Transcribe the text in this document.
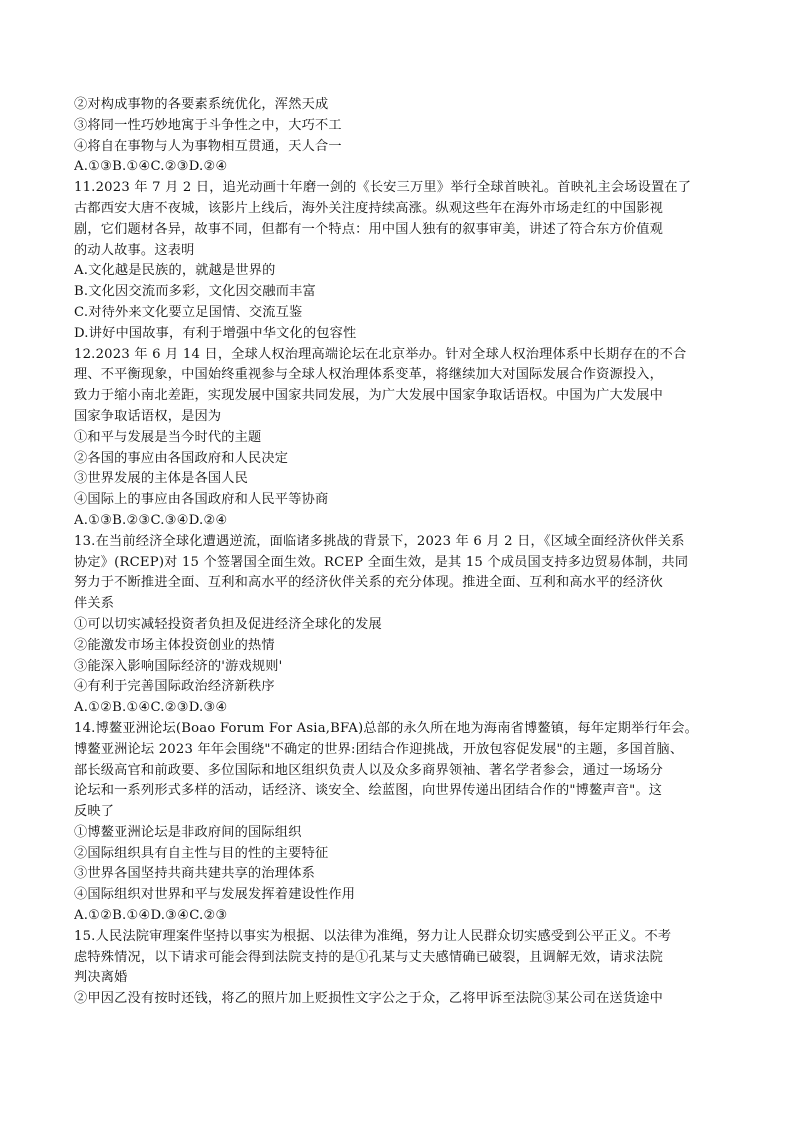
②对构成事物的各要素系统优化，浑然天成
③将同一性巧妙地寓于斗争性之中，大巧不工
④将自在事物与人为事物相互贯通，天人合一
A.①③B.①④C.②③D.②④
11.2023 年 7 月 2 日，追光动画十年磨一剑的《长安三万里》举行全球首映礼。首映礼主会场设置在了
古都西安大唐不夜城，该影片上线后，海外关注度持续高涨。纵观这些年在海外市场走红的中国影视
剧，它们题材各异，故事不同，但都有一个特点：用中国人独有的叙事审美，讲述了符合东方价值观
的动人故事。这表明
A.文化越是民族的，就越是世界的
B.文化因交流而多彩，文化因交融而丰富
C.对待外来文化要立足国情、交流互鉴
D.讲好中国故事，有利于增强中华文化的包容性
12.2023 年 6 月 14 日，全球人权治理高端论坛在北京举办。针对全球人权治理体系中长期存在的不合
理、不平衡现象，中国始终重视参与全球人权治理体系变革，将继续加大对国际发展合作资源投入，
致力于缩小南北差距，实现发展中国家共同发展，为广大发展中国家争取话语权。中国为广大发展中
国家争取话语权，是因为
①和平与发展是当今时代的主题
②各国的事应由各国政府和人民决定
③世界发展的主体是各国人民
④国际上的事应由各国政府和人民平等协商
A.①③B.②③C.③④D.②④
13.在当前经济全球化遭遇逆流，面临诸多挑战的背景下，2023 年 6 月 2 日，《区域全面经济伙伴关系
协定》(RCEP)对 15 个签署国全面生效。RCEP 全面生效，是其 15 个成员国支持多边贸易体制，共同
努力于不断推进全面、互利和高水平的经济伙伴关系的充分体现。推进全面、互利和高水平的经济伙
伴关系
①可以切实减轻投资者负担及促进经济全球化的发展
②能激发市场主体投资创业的热情
③能深入影响国际经济的'游戏规则'
④有利于完善国际政治经济新秩序
A.①②B.①④C.②③D.③④
14.博鳌亚洲论坛(Boao Forum For Asia,BFA)总部的永久所在地为海南省博鳌镇，每年定期举行年会。
博鳌亚洲论坛 2023 年年会围绕"不确定的世界:团结合作迎挑战，开放包容促发展"的主题，多国首脑、
部长级高官和前政要、多位国际和地区组织负责人以及众多商界领袖、著名学者参会，通过一场场分
论坛和一系列形式多样的活动，话经济、谈安全、绘蓝图，向世界传递出团结合作的"博鳌声音"。这
反映了
①博鳌亚洲论坛是非政府间的国际组织
②国际组织具有自主性与目的性的主要特征
③世界各国坚持共商共建共享的治理体系
④国际组织对世界和平与发展发挥着建设性作用
A.①②B.①④D.③④C.②③
15.人民法院审理案件坚持以事实为根据、以法律为准绳，努力让人民群众切实感受到公平正义。不考
虑特殊情况，以下请求可能会得到法院支持的是①孔某与丈夫感情确已破裂，且调解无效，请求法院
判决离婚
②甲因乙没有按时还钱，将乙的照片加上贬损性文字公之于众，乙将甲诉至法院③某公司在送货途中
